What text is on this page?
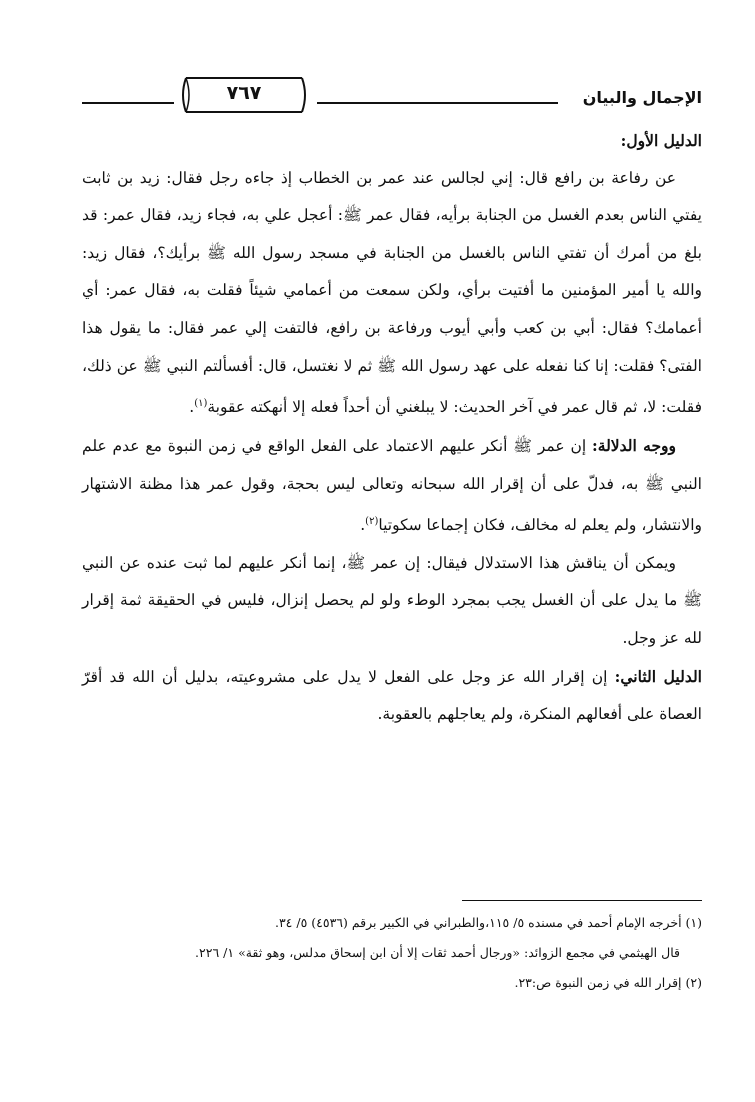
الإجمال والبيان
٧٦٧

الدليل الأول:

عن رفاعة بن رافع قال: إني لجالس عند عمر بن الخطاب إذ جاءه رجل فقال: زيد بن ثابت يفتي الناس بعدم الغسل من الجنابة برأيه، فقال عمر ﷺ: أعجل علي به، فجاء زيد، فقال عمر: قد بلغ من أمرك أن تفتي الناس بالغسل من الجنابة في مسجد رسول الله ﷺ برأيك؟، فقال زيد: والله يا أمير المؤمنين ما أفتيت برأي، ولكن سمعت من أعمامي شيئاً فقلت به، فقال عمر: أي أعمامك؟ فقال: أبي بن كعب وأبي أيوب ورفاعة بن رافع، فالتفت إلي عمر فقال: ما يقول هذا الفتى؟ فقلت: إنا كنا نفعله على عهد رسول الله ﷺ ثم لا نغتسل، قال: أفسألتم النبي ﷺ عن ذلك، فقلت: لا، ثم قال عمر في آخر الحديث: لا يبلغني أن أحداً فعله إلا أنهكته عقوبة$^{(١)}$.

ووجه الدلالة: إن عمر ﷺ أنكر عليهم الاعتماد على الفعل الواقع في زمن النبوة مع عدم علم النبي ﷺ به، فدلّ على أن إقرار الله سبحانه وتعالى ليس بحجة، وقول عمر هذا مظنة الاشتهار والانتشار، ولم يعلم له مخالف، فكان إجماعا سكوتيا$^{(٢)}$.

ويمكن أن يناقش هذا الاستدلال فيقال: إن عمر ﷺ، إنما أنكر عليهم لما ثبت عنده عن النبي ﷺ ما يدل على أن الغسل يجب بمجرد الوطء ولو لم يحصل إنزال، فليس في الحقيقة ثمة إقرار لله عز وجل.

الدليل الثاني: إن إقرار الله عز وجل على الفعل لا يدل على مشروعيته، بدليل أن الله قد أقرّ العصاة على أفعالهم المنكرة، ولم يعاجلهم بالعقوبة.

(١) أخرجه الإمام أحمد في مسنده ٥/ ١١٥،والطبراني في الكبير برقم (٤٥٣٦) ٥/ ٣٤.

قال الهيثمي في مجمع الزوائد: «ورجال أحمد ثقات إلا أن ابن إسحاق مدلس، وهو ثقة» ١/ ٢٢٦.

(٢) إقرار الله في زمن النبوة ص:٢٣.
